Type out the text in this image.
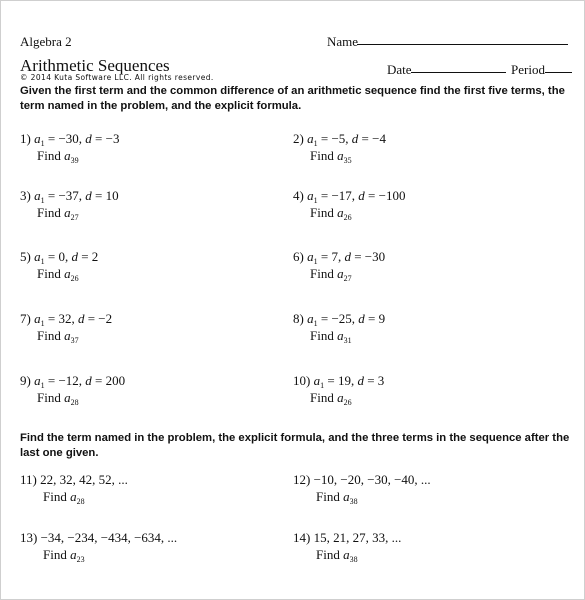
Algebra 2	Name
Arithmetic Sequences
© 2014 Kuta Software LLC. All rights reserved.
Date	Period
Given the first term and the common difference of an arithmetic sequence find the first five terms, the term named in the problem, and the explicit formula.
1) $a_1 = -30$, d = −3
Find $a_{39}$
2) $a_1 = -5$, d = −4
Find $a_{35}$
3) $a_1 = -37$, d = 10
Find $a_{27}$
4) $a_1 = -17$, d = −100
Find $a_{26}$
5) $a_1 = 0$, d = 2
Find $a_{26}$
6) $a_1 = 7$, d = −30
Find $a_{27}$
7) $a_1 = 32$, d = −2
Find $a_{37}$
8) $a_1 = -25$, d = 9
Find $a_{31}$
9) $a_1 = -12$, d = 200
Find $a_{28}$
10) $a_1 = 19$, d = 3
Find $a_{26}$
Find the term named in the problem, the explicit formula, and the three terms in the sequence after the last one given.
11) 22, 32, 42, 52, ...
Find $a_{28}$
12) −10, −20, −30, −40, ...
Find $a_{38}$
13) −34, −234, −434, −634, ...
Find $a_{23}$
14) 15, 21, 27, 33, ...
Find $a_{38}$
